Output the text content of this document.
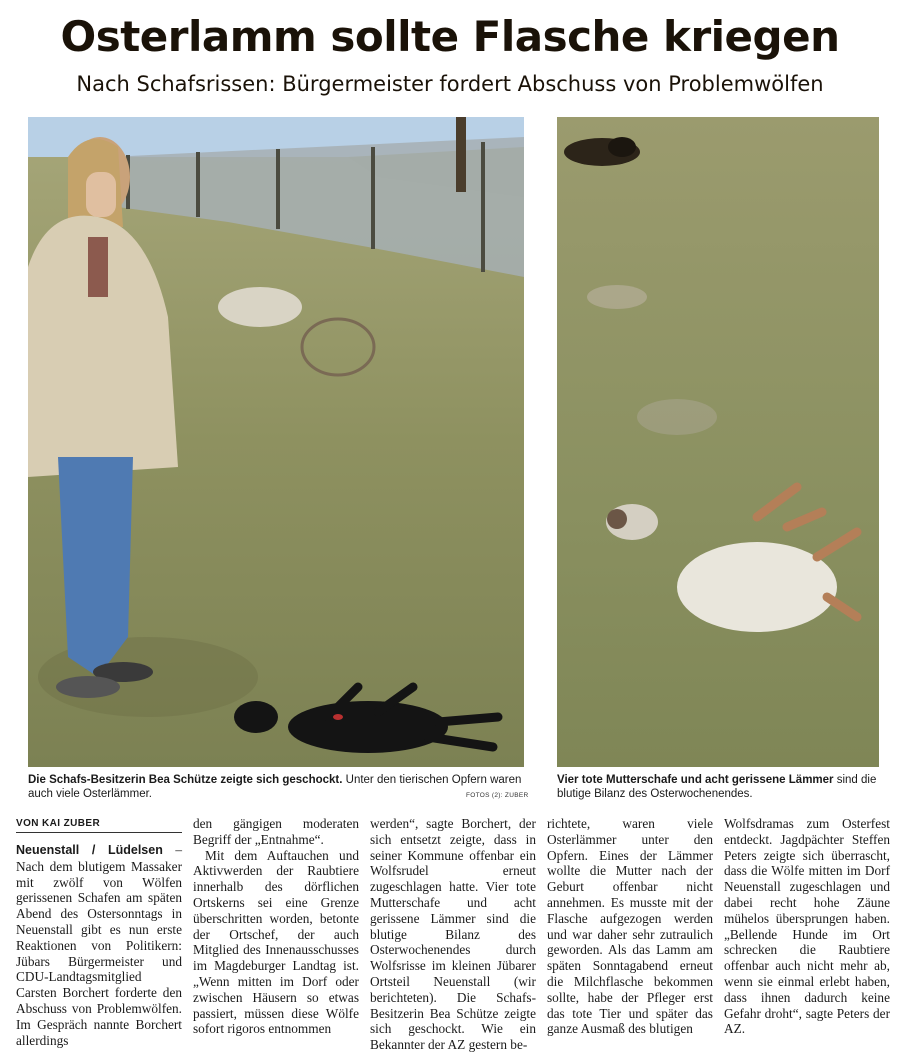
Osterlamm sollte Flasche kriegen
Nach Schafsrissen: Bürgermeister fordert Abschuss von Problemwölfen
Die Schafs-Besitzerin Bea Schütze zeigte sich geschockt. Unter den tierischen Opfern waren auch viele Osterlämmer.	FOTOS (2): ZUBER
Vier tote Mutterschafe und acht gerissene Lämmer sind die blutige Bilanz des Osterwochenendes.
VON KAI ZUBER

Neuenstall / Lüdelsen – Nach dem blutigem Massaker mit zwölf von Wölfen gerissenen Schafen am späten Abend des Ostersonntags in Neuenstall gibt es nun erste Reaktionen von Politikern: Jübars Bürgermeister und CDU-Landtagsmitglied Carsten Borchert forderte den Abschuss von Problemwölfen. Im Gespräch nannte Borchert allerdings

den gängigen moderaten Begriff der „Entnahme“.

Mit dem Auftauchen und Aktivwerden der Raubtiere innerhalb des dörflichen Ortskerns sei eine Grenze überschritten worden, betonte der Ortschef, der auch Mitglied des Innenausschusses im Magdeburger Landtag ist. „Wenn mitten im Dorf oder zwischen Häusern so etwas passiert, müssen diese Wölfe sofort rigoros entnommen

werden“, sagte Borchert, der sich entsetzt zeigte, dass in seiner Kommune offenbar ein Wolfsrudel erneut zugeschlagen hatte. Vier tote Mutterschafe und acht gerissene Lämmer sind die blutige Bilanz des Osterwochenendes durch Wolfsrisse im kleinen Jübarer Ortsteil Neuenstall (wir berichteten). Die Schafs-Besitzerin Bea Schütze zeigte sich geschockt. Wie ein Bekannter der AZ gestern be-

richtete, waren viele Osterlämmer unter den Opfern. Eines der Lämmer wollte die Mutter nach der Geburt offenbar nicht annehmen. Es musste mit der Flasche aufgezogen werden und war daher sehr zutraulich geworden. Als das Lamm am späten Sonntagabend erneut die Milchflasche bekommen sollte, habe der Pfleger erst das tote Tier und später das ganze Ausmaß des blutigen

Wolfsdramas zum Osterfest entdeckt. Jagdpächter Steffen Peters zeigte sich überrascht, dass die Wölfe mitten im Dorf Neuenstall zugeschlagen und dabei recht hohe Zäune mühelos übersprungen haben. „Bellende Hunde im Ort schrecken die Raubtiere offenbar auch nicht mehr ab, wenn sie einmal erlebt haben, dass ihnen dadurch keine Gefahr droht“, sagte Peters der AZ.
